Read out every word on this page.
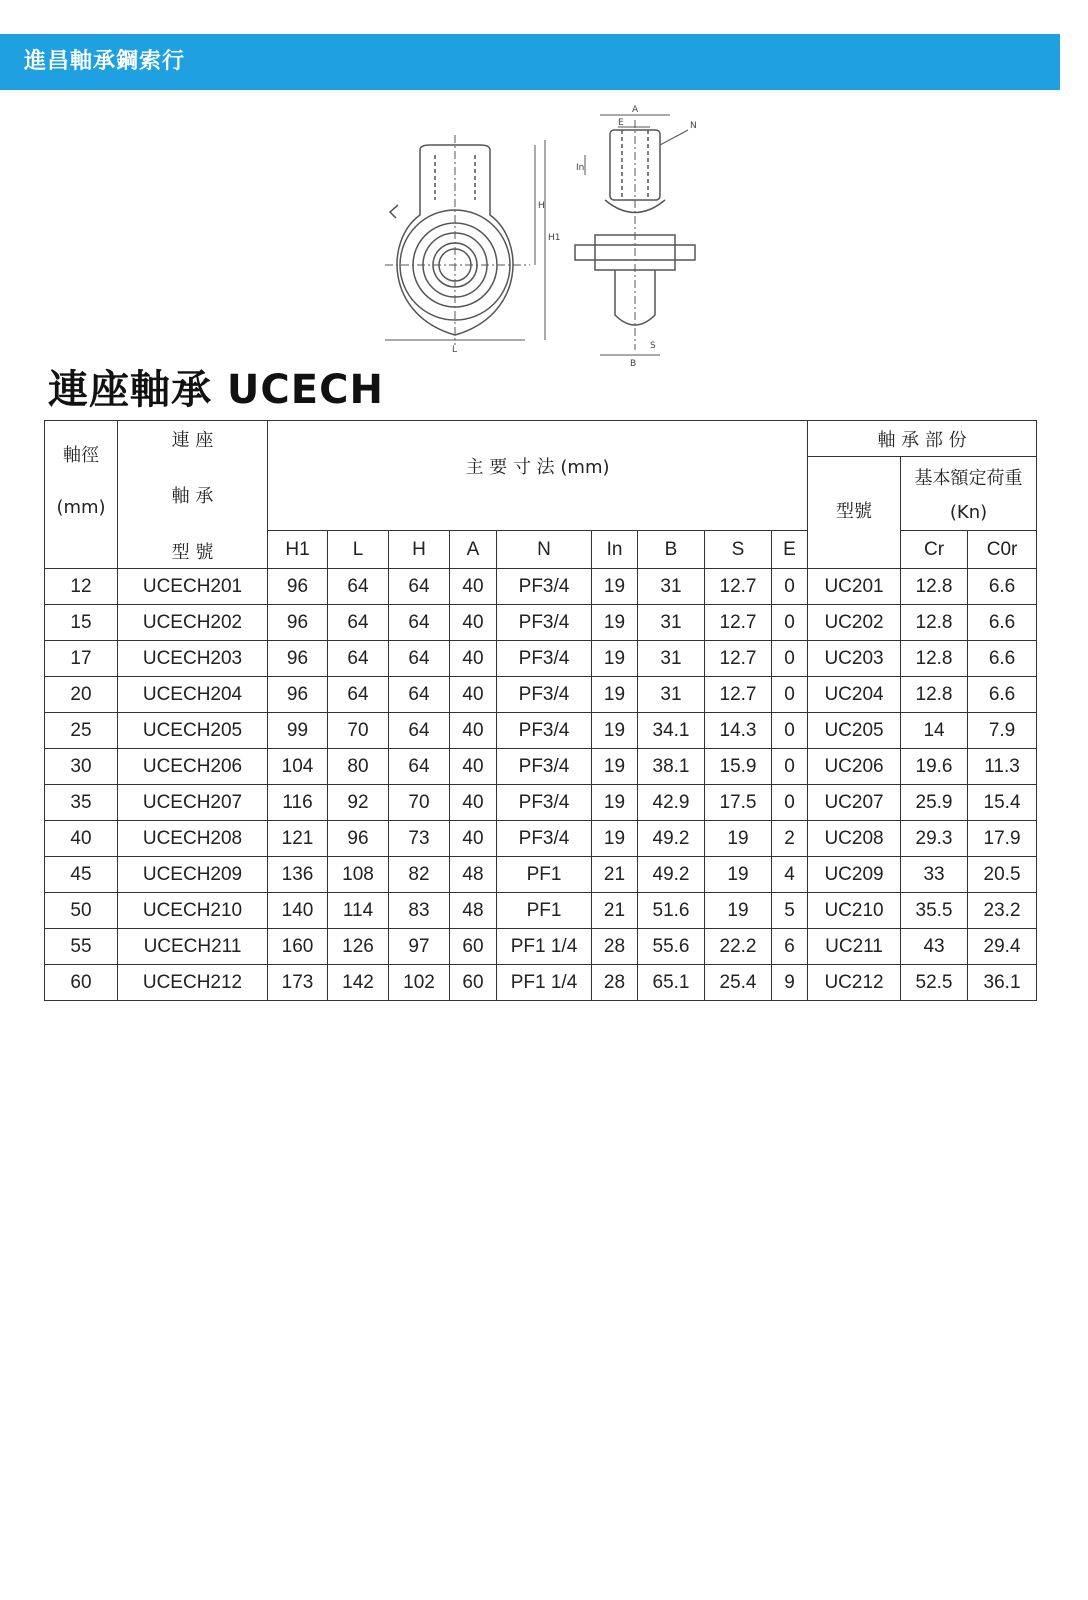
進昌軸承鋼索行
A
E	N
In
H
H1
L
B
S
連座軸承 UCECH
軸徑
(mm)	連 座
軸 承
型 號	主 要 寸 法 (mm)									軸 承 部 份		
											型號	基本額定荷重
(Kn)	

		H1	L	H	A	N	In	B	S	E		Cr	C0r
12	UCECH201	96	64	64	40	PF3/4	19	31	12.7	0	UC201	12.8	6.6
15	UCECH202	96	64	64	40	PF3/4	19	31	12.7	0	UC202	12.8	6.6
17	UCECH203	96	64	64	40	PF3/4	19	31	12.7	0	UC203	12.8	6.6
20	UCECH204	96	64	64	40	PF3/4	19	31	12.7	0	UC204	12.8	6.6
25	UCECH205	99	70	64	40	PF3/4	19	34.1	14.3	0	UC205	14	7.9
30	UCECH206	104	80	64	40	PF3/4	19	38.1	15.9	0	UC206	19.6	11.3
35	UCECH207	116	92	70	40	PF3/4	19	42.9	17.5	0	UC207	25.9	15.4
40	UCECH208	121	96	73	40	PF3/4	19	49.2	19	2	UC208	29.3	17.9
45	UCECH209	136	108	82	48	PF1	21	49.2	19	4	UC209	33	20.5
50	UCECH210	140	114	83	48	PF1	21	51.6	19	5	UC210	35.5	23.2
55	UCECH211	160	126	97	60	PF1 1/4	28	55.6	22.2	6	UC211	43	29.4
60	UCECH212	173	142	102	60	PF1 1/4	28	65.1	25.4	9	UC212	52.5	36.1
